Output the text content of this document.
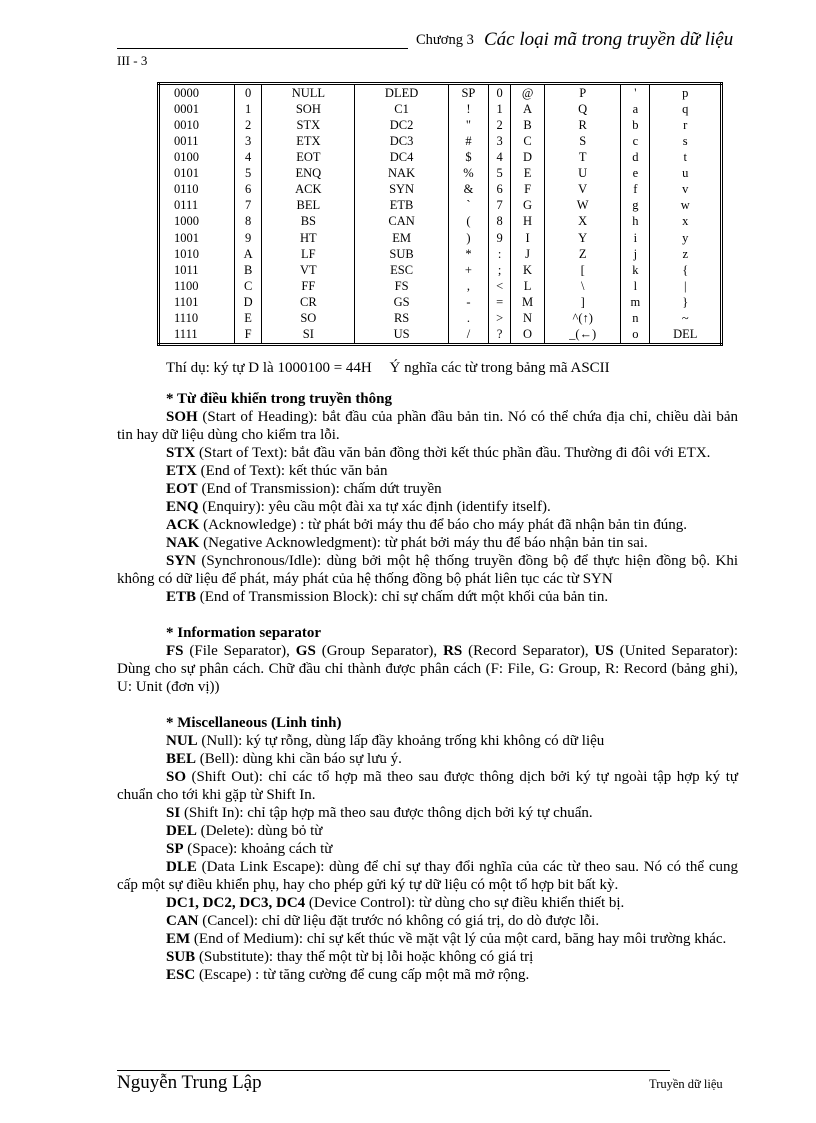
Chương 3 Các loại mã trong truyền dữ liệu
III - 3
0000	0	NULL	DLED	SP	0	@	P	'	p
0001	1	SOH	C1	!	1	A	Q	a	q
0010	2	STX	DC2	"	2	B	R	b	r
0011	3	ETX	DC3	#	3	C	S	c	s
0100	4	EOT	DC4	$	4	D	T	d	t
0101	5	ENQ	NAK	%	5	E	U	e	u
0110	6	ACK	SYN	&	6	F	V	f	v
0111	7	BEL	ETB	`	7	G	W	g	w
1000	8	BS	CAN	(	8	H	X	h	x
1001	9	HT	EM	)	9	I	Y	i	y
1010	A	LF	SUB	*	:	J	Z	j	z
1011	B	VT	ESC	+	;	K	[	k	{
1100	C	FF	FS	,	<	L	\	l	|
1101	D	CR	GS	-	=	M	]	m	}
1110	E	SO	RS	.	>	N	^(↑)	n	~
1111	F	SI	US	/	?	O	_(←)	o	DEL
Thí dụ: ký tự D là 1000100 = 44H Ý nghĩa các từ trong bảng mã ASCII

* Từ điều khiển trong truyền thông

SOH (Start of Heading): bắt đầu của phần đầu bản tin. Nó có thể chứa địa chỉ, chiều dài bản tin hay dữ liệu dùng cho kiểm tra lỗi.

STX (Start of Text): bắt đầu văn bản đồng thời kết thúc phần đầu. Thường đi đôi với ETX.

ETX (End of Text): kết thúc văn bản

EOT (End of Transmission): chấm dứt truyền

ENQ (Enquiry): yêu cầu một đài xa tự xác định (identify itself).

ACK (Acknowledge) : từ phát bởi máy thu để báo cho máy phát đã nhận bản tin đúng.

NAK (Negative Acknowledgment): từ phát bởi máy thu để báo nhận bản tin sai.

SYN (Synchronous/Idle): dùng bởi một hệ thống truyền đồng bộ để thực hiện đồng bộ. Khi không có dữ liệu để phát, máy phát của hệ thống đồng bộ phát liên tục các từ SYN

ETB (End of Transmission Block): chỉ sự chấm dứt một khối của bản tin.

* Information separator

FS (File Separator), GS (Group Separator), RS (Record Separator), US (United Separator): Dùng cho sự phân cách. Chữ đầu chỉ thành được phân cách (F: File, G: Group, R: Record (bảng ghi), U: Unit (đơn vị))

* Miscellaneous (Linh tinh)

NUL (Null): ký tự rỗng, dùng lấp đầy khoảng trống khi không có dữ liệu

BEL (Bell): dùng khi cần báo sự lưu ý.

SO (Shift Out): chỉ các tổ hợp mã theo sau được thông dịch bởi ký tự ngoài tập hợp ký tự chuẩn cho tới khi gặp từ Shift In.

SI (Shift In): chỉ tập hợp mã theo sau được thông dịch bởi ký tự chuẩn.

DEL (Delete): dùng bỏ từ

SP (Space): khoảng cách từ

DLE (Data Link Escape): dùng để chỉ sự thay đổi nghĩa của các từ theo sau. Nó có thể cung cấp một sự điều khiển phụ, hay cho phép gửi ký tự dữ liệu có một tổ hợp bit bất kỳ.

DC1, DC2, DC3, DC4 (Device Control): từ dùng cho sự điều khiển thiết bị.

CAN (Cancel): chỉ dữ liệu đặt trước nó không có giá trị, do dò được lỗi.

EM (End of Medium): chỉ sự kết thúc về mặt vật lý của một card, băng hay môi trường khác.

SUB (Substitute): thay thế một từ bị lỗi hoặc không có giá trị

ESC (Escape) : từ tăng cường để cung cấp một mã mở rộng.

Nguyễn Trung Lập	Truyền dữ liệu
